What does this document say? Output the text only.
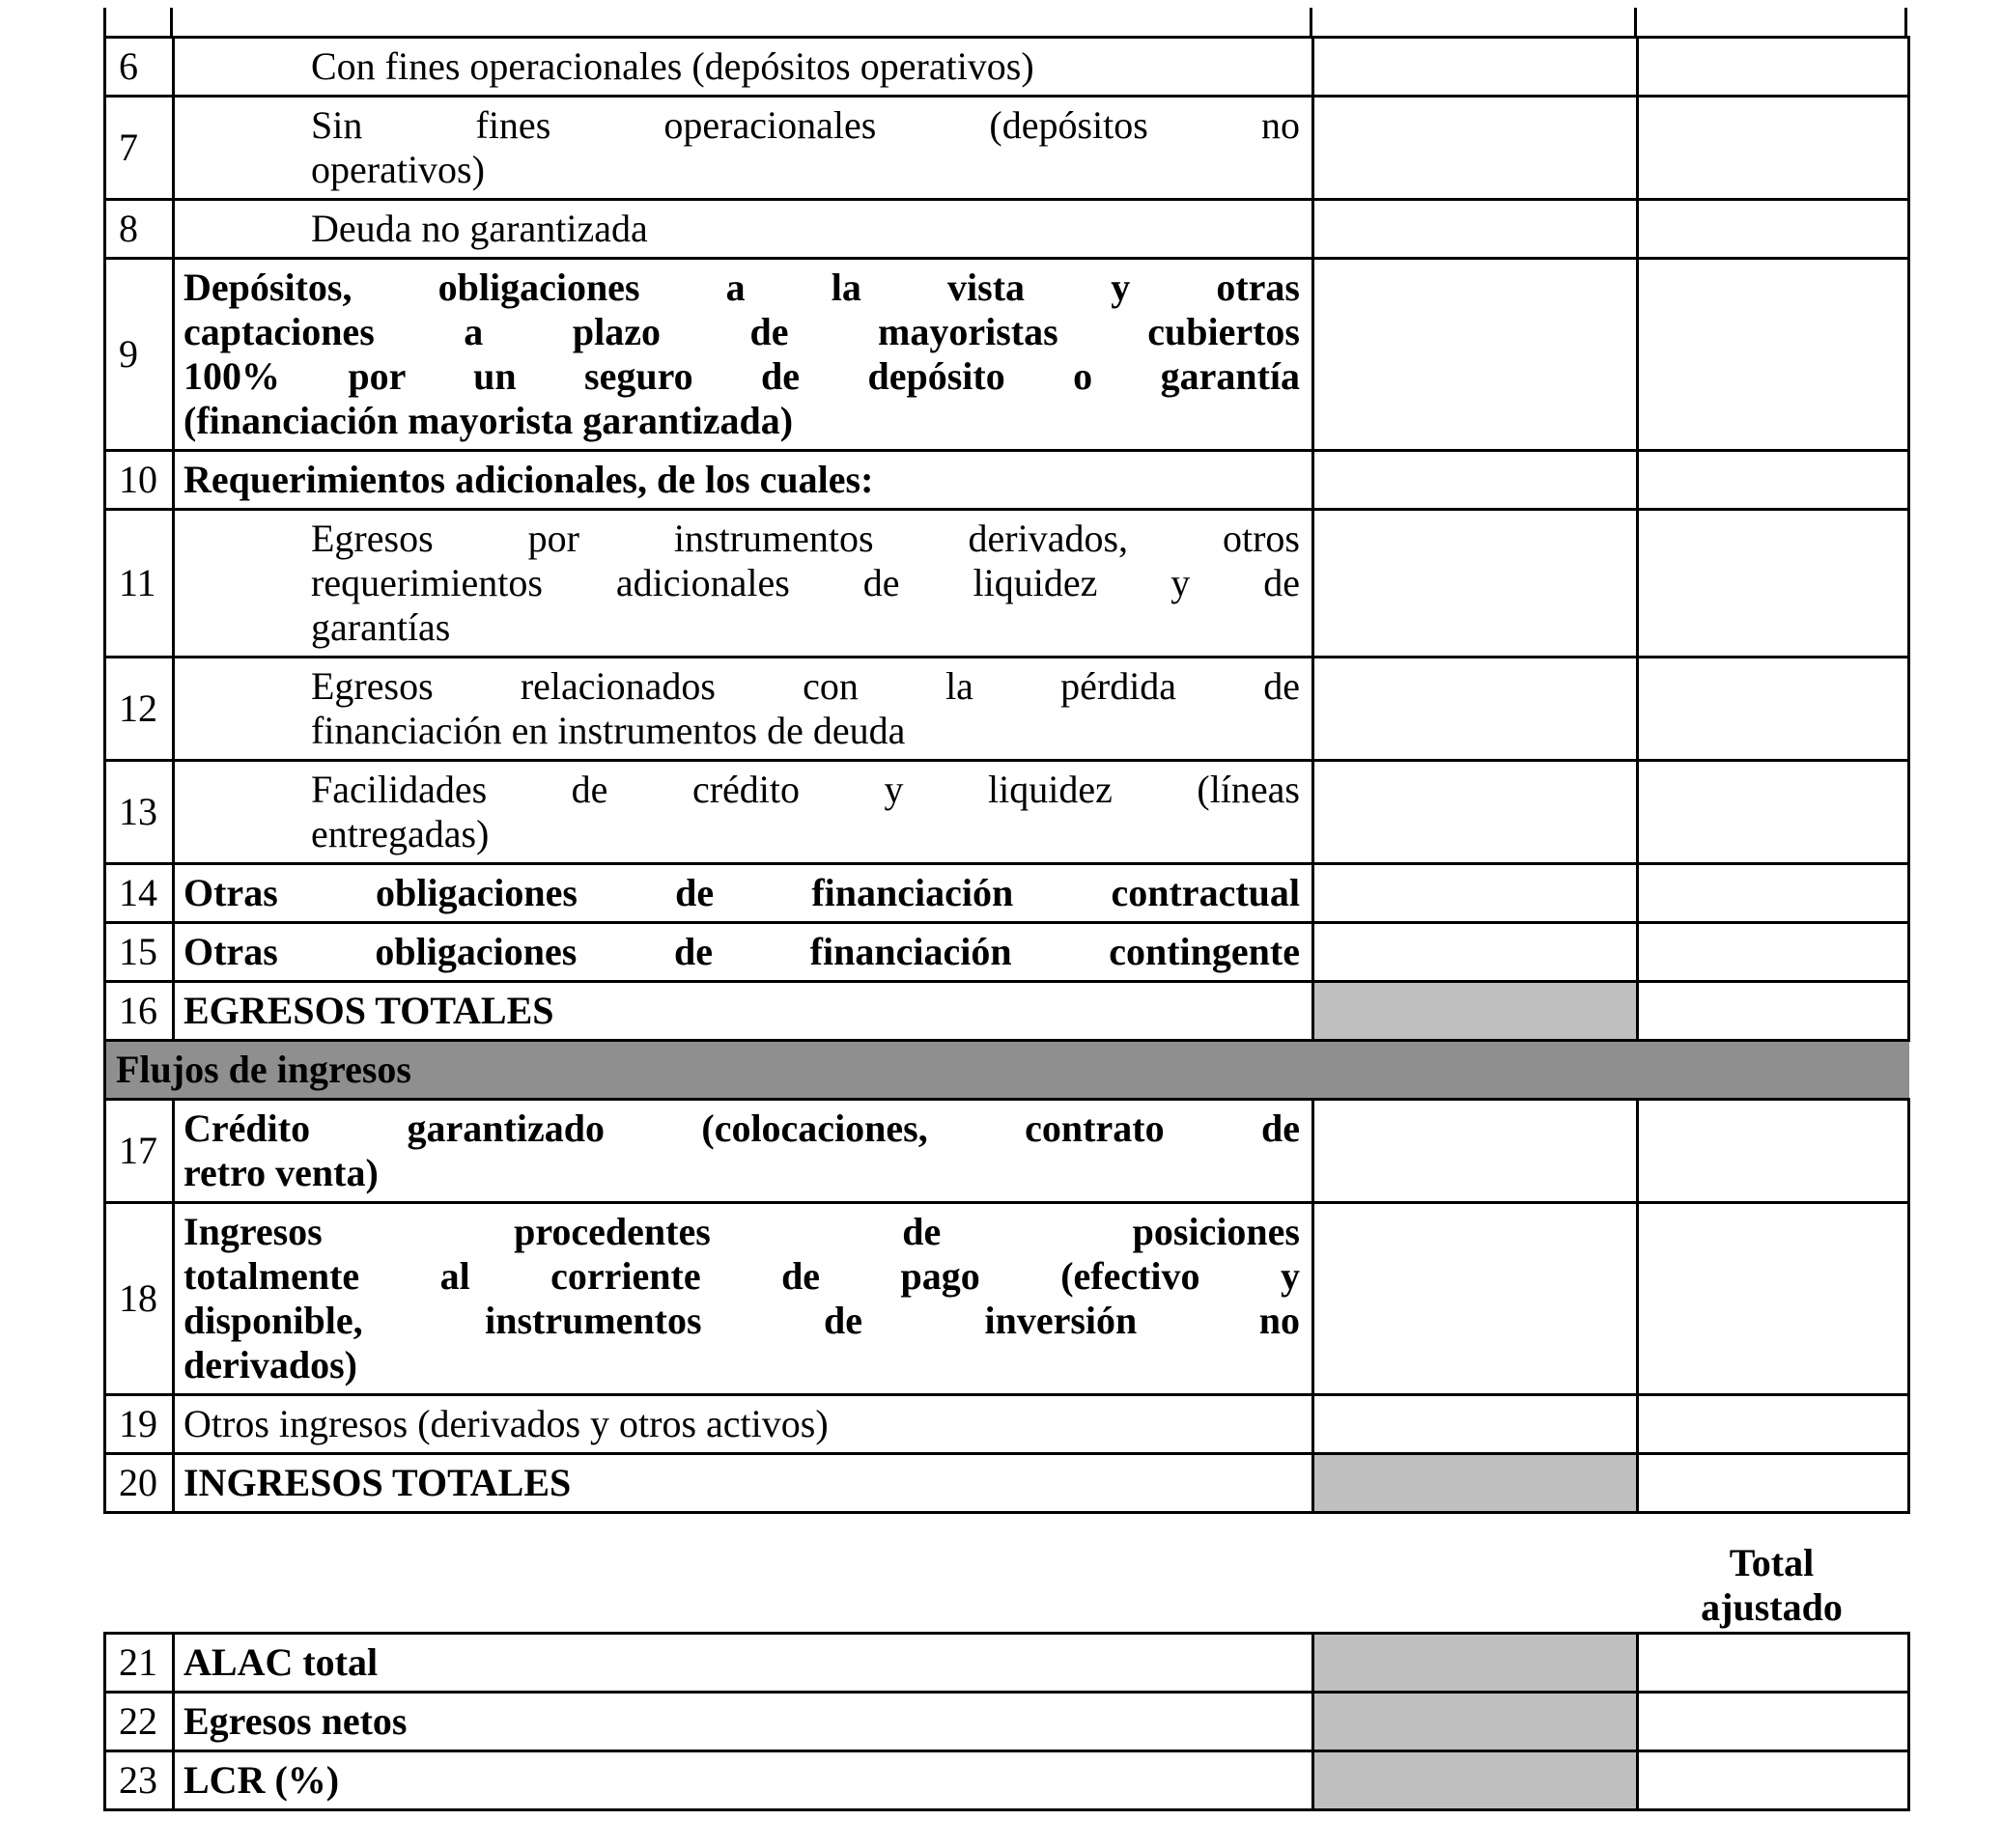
6	Con fines operacionales (depósitos operativos)		

7	Sin fines operacionales (depósitos no
operativos)		

8	Deuda no garantizada		

9	Depósitos, obligaciones a la vista y otras
captaciones a plazo de mayoristas cubiertos
100% por un seguro de depósito o garantía
(financiación mayorista garantizada)		

10	Requerimientos adicionales, de los cuales:		

11	Egresos por instrumentos derivados, otros
requerimientos adicionales de liquidez y de
garantías		

12	Egresos relacionados con la pérdida de
financiación en instrumentos de deuda		

13	Facilidades de crédito y liquidez (líneas
entregadas)		

14	Otras obligaciones de financiación contractual		

15	Otras obligaciones de financiación contingente		

16	EGRESOS TOTALES		

Flujos de ingresos			
17	Crédito garantizado (colocaciones, contrato de
retro venta)		

18	Ingresos procedentes de posiciones
totalmente al corriente de pago (efectivo y
disponible, instrumentos de inversión no
derivados)		

19	Otros ingresos (derivados y otros activos)		

20	INGRESOS TOTALES		

Total ajustado
21	ALAC total		

22	Egresos netos		

23	LCR (%)		
